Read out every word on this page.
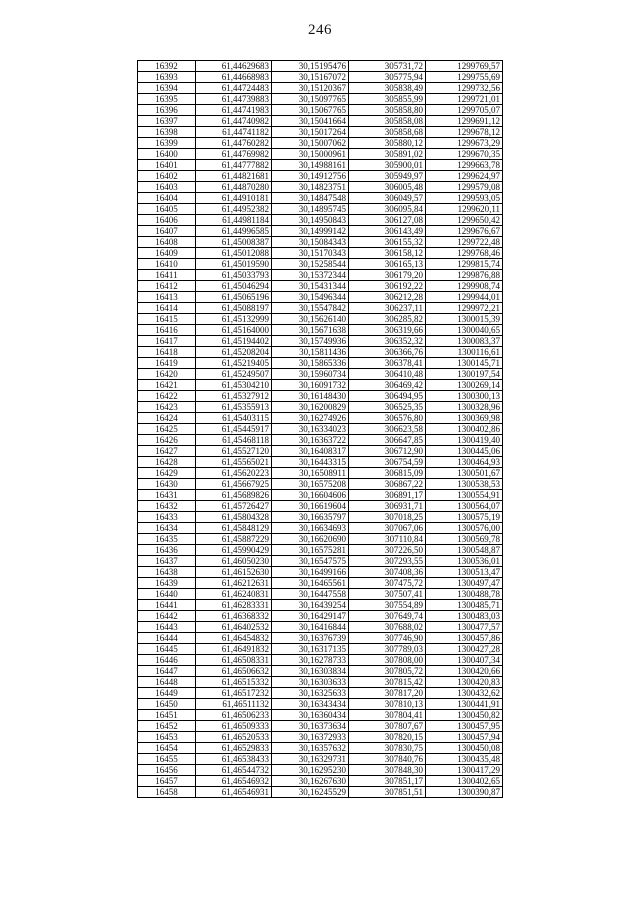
246
16392	61,44629683	30,15195476	305731,72	1299769,57
16393	61,44668983	30,15167072	305775,94	1299755,69
16394	61,44724483	30,15120367	305838,49	1299732,56
16395	61,44739883	30,15097765	305855,99	1299721,01
16396	61,44741983	30,15067765	305858,80	1299705,07
16397	61,44740982	30,15041664	305858,08	1299691,12
16398	61,44741182	30,15017264	305858,68	1299678,12
16399	61,44760282	30,15007062	305880,12	1299673,29
16400	61,44769982	30,15000961	305891,02	1299670,35
16401	61,44777882	30,14988161	305900,01	1299663,78
16402	61,44821681	30,14912756	305949,97	1299624,97
16403	61,44870280	30,14823751	306005,48	1299579,08
16404	61,44910181	30,14847548	306049,57	1299593,05
16405	61,44952382	30,14895745	306095,84	1299620,11
16406	61,44981184	30,14950843	306127,08	1299650,42
16407	61,44996585	30,14999142	306143,49	1299676,67
16408	61,45008387	30,15084343	306155,32	1299722,48
16409	61,45012088	30,15170343	306158,12	1299768,46
16410	61,45019590	30,15258544	306165,13	1299815,74
16411	61,45033793	30,15372344	306179,20	1299876,88
16412	61,45046294	30,15431344	306192,22	1299908,74
16413	61,45065196	30,15496344	306212,28	1299944,01
16414	61,45088197	30,15547842	306237,11	1299972,21
16415	61,45132999	30,15626140	306285,82	1300015,39
16416	61,45164000	30,15671638	306319,66	1300040,65
16417	61,45194402	30,15749936	306352,32	1300083,37
16418	61,45208204	30,15811436	306366,76	1300116,61
16419	61,45219405	30,15865336	306378,41	1300145,71
16420	61,45249507	30,15960734	306410,48	1300197,54
16421	61,45304210	30,16091732	306469,42	1300269,14
16422	61,45327912	30,16148430	306494,95	1300300,13
16423	61,45355913	30,16200829	306525,35	1300328,96
16424	61,45403115	30,16274926	306576,80	1300369,98
16425	61,45445917	30,16334023	306623,58	1300402,86
16426	61,45468118	30,16363722	306647,85	1300419,40
16427	61,45527120	30,16408317	306712,90	1300445,06
16428	61,45565021	30,16443315	306754,59	1300464,93
16429	61,45620223	30,16508911	306815,09	1300501,67
16430	61,45667925	30,16575208	306867,22	1300538,53
16431	61,45689826	30,16604606	306891,17	1300554,91
16432	61,45726427	30,16619604	306931,71	1300564,07
16433	61,45804328	30,16635797	307018,25	1300575,19
16434	61,45848129	30,16634693	307067,06	1300576,00
16435	61,45887229	30,16620690	307110,84	1300569,78
16436	61,45990429	30,16575281	307226,50	1300548,87
16437	61,46050230	30,16547575	307293,55	1300536,01
16438	61,46152630	30,16499166	307408,36	1300513,47
16439	61,46212631	30,16465561	307475,72	1300497,47
16440	61,46240831	30,16447558	307507,41	1300488,78
16441	61,46283331	30,16439254	307554,89	1300485,71
16442	61,46368332	30,16429147	307649,74	1300483,03
16443	61,46402532	30,16416844	307688,02	1300477,57
16444	61,46454832	30,16376739	307746,90	1300457,86
16445	61,46491832	30,16317135	307789,03	1300427,28
16446	61,46508331	30,16278733	307808,00	1300407,34
16447	61,46506632	30,16303834	307805,72	1300420,66
16448	61,46515332	30,16303633	307815,42	1300420,83
16449	61,46517232	30,16325633	307817,20	1300432,62
16450	61,46511132	30,16343434	307810,13	1300441,91
16451	61,46506233	30,16360434	307804,41	1300450,82
16452	61,46509333	30,16373634	307807,67	1300457,95
16453	61,46520533	30,16372933	307820,15	1300457,94
16454	61,46529833	30,16357632	307830,75	1300450,08
16455	61,46538433	30,16329731	307840,76	1300435,48
16456	61,46544732	30,16295230	307848,30	1300417,29
16457	61,46546932	30,16267630	307851,17	1300402,65
16458	61,46546931	30,16245529	307851,51	1300390,87
